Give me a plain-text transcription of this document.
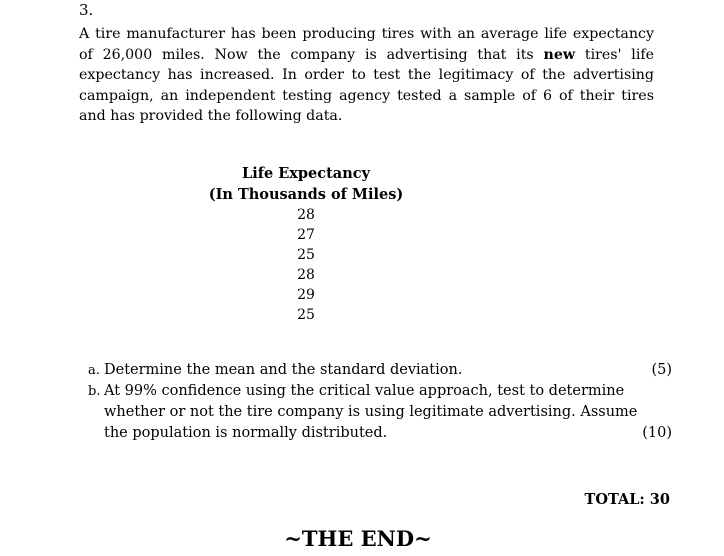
3.

A tire manufacturer has been producing tires with an average life expectancy of 26,000 miles. Now the company is advertising that its new tires' life expectancy has increased. In order to test the legitimacy of the advertising campaign, an independent testing agency tested a sample of 6 of their tires and has provided the following data.

Life Expectancy
(In Thousands of Miles)
28
27
25
28
29
25
a. Determine the mean and the standard deviation.	(5)
b. At 99% confidence using the critical value approach, test to determine whether or not the tire company is using legitimate advertising. Assume the population is normally distributed.	(10)
TOTAL: 30
~THE END~
